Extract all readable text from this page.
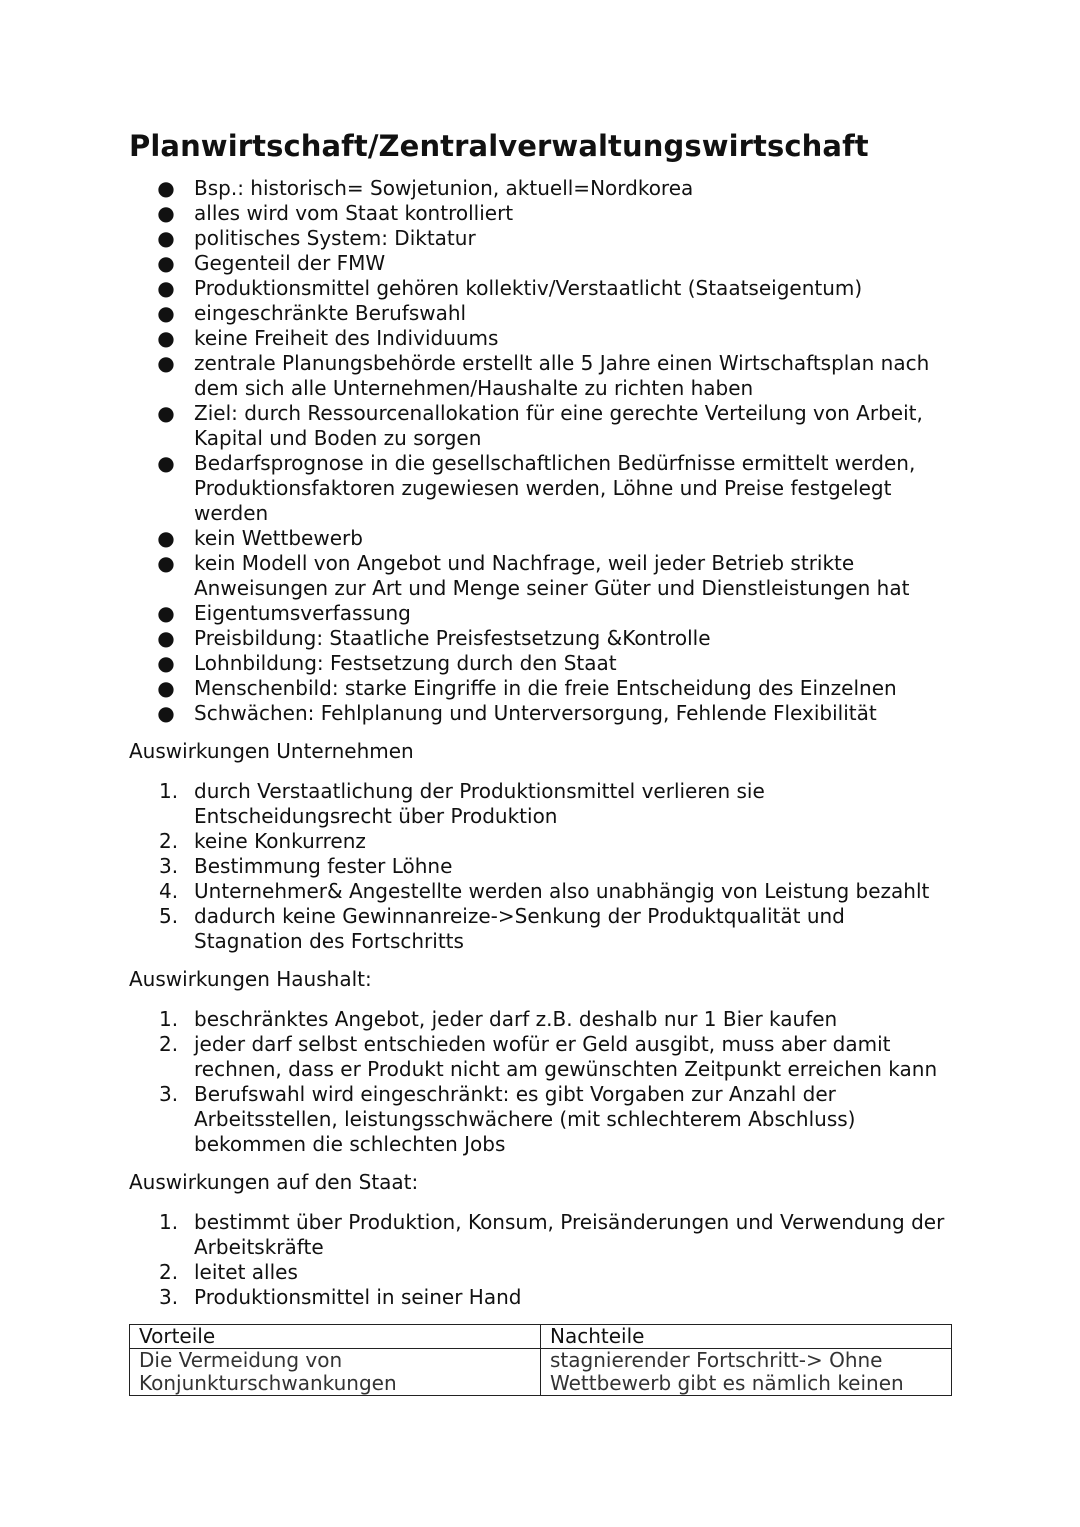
Planwirtschaft/Zentralverwaltungswirtschaft
● Bsp.: historisch= Sowjetunion, aktuell=Nordkorea
● alles wird vom Staat kontrolliert
● politisches System: Diktatur
● Gegenteil der FMW
● Produktionsmittel gehören kollektiv/Verstaatlicht (Staatseigentum)
● eingeschränkte Berufswahl
● keine Freiheit des Individuums
● zentrale Planungsbehörde erstellt alle 5 Jahre einen Wirtschaftsplan nach dem sich alle Unternehmen/Haushalte zu richten haben
● Ziel: durch Ressourcenallokation für eine gerechte Verteilung von Arbeit, Kapital und Boden zu sorgen
● Bedarfsprognose in die gesellschaftlichen Bedürfnisse ermittelt werden, Produktionsfaktoren zugewiesen werden, Löhne und Preise festgelegt werden
● kein Wettbewerb
● kein Modell von Angebot und Nachfrage, weil jeder Betrieb strikte Anweisungen zur Art und Menge seiner Güter und Dienstleistungen hat
● Eigentumsverfassung
● Preisbildung: Staatliche Preisfestsetzung &Kontrolle
● Lohnbildung: Festsetzung durch den Staat
● Menschenbild: starke Eingriffe in die freie Entscheidung des Einzelnen
● Schwächen: Fehlplanung und Unterversorgung, Fehlende Flexibilität
Auswirkungen Unternehmen
1. durch Verstaatlichung der Produktionsmittel verlieren sie Entscheidungsrecht über Produktion
2. keine Konkurrenz
3. Bestimmung fester Löhne
4. Unternehmer& Angestellte werden also unabhängig von Leistung bezahlt
5. dadurch keine Gewinnanreize->Senkung der Produktqualität und Stagnation des Fortschritts
Auswirkungen Haushalt:
1. beschränktes Angebot, jeder darf z.B. deshalb nur 1 Bier kaufen
2. jeder darf selbst entschieden wofür er Geld ausgibt, muss aber damit rechnen, dass er Produkt nicht am gewünschten Zeitpunkt erreichen kann
3. Berufswahl wird eingeschränkt: es gibt Vorgaben zur Anzahl der Arbeitsstellen, leistungsschwächere (mit schlechterem Abschluss) bekommen die schlechten Jobs
Auswirkungen auf den Staat:
1. bestimmt über Produktion, Konsum, Preisänderungen und Verwendung der Arbeitskräfte
2. leitet alles
3. Produktionsmittel in seiner Hand
Vorteile	Nachteile
Die Vermeidung von Konjunkturschwankungen	stagnierender Fortschritt-> Ohne Wettbewerb gibt es nämlich keinen
